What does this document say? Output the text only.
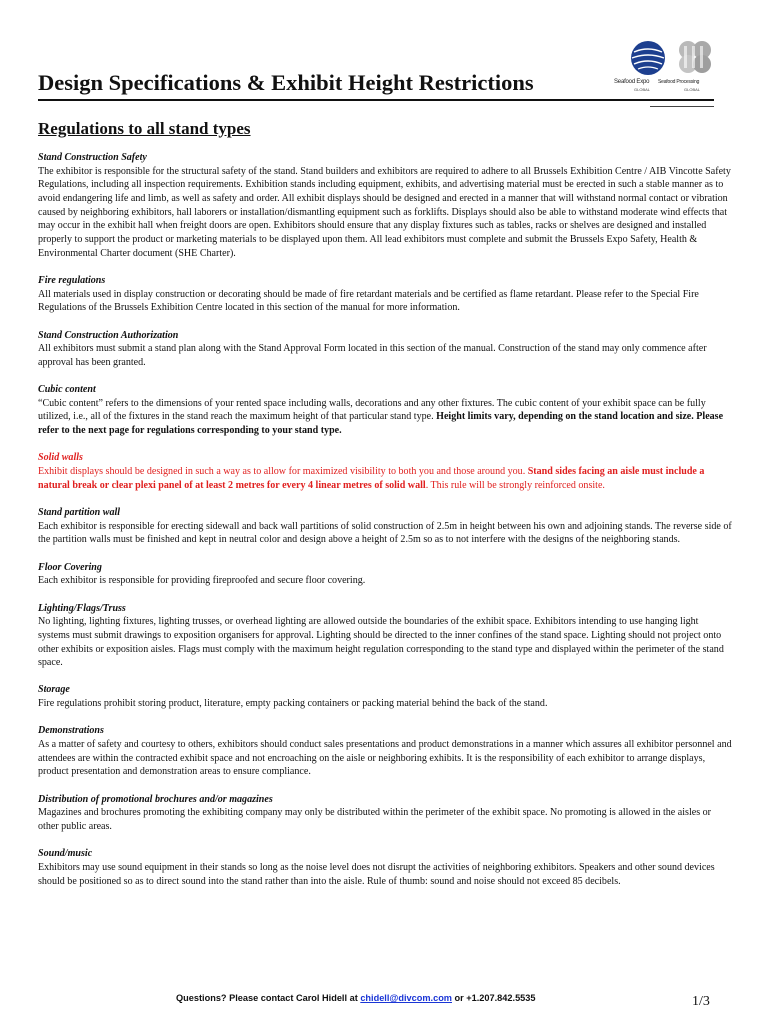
Seafood Expo
GLOBAL
Seafood Processing
GLOBAL
Design Specifications & Exhibit Height Restrictions
Regulations to all stand types
Stand Construction Safety
The exhibitor is responsible for the structural safety of the stand. Stand builders and exhibitors are required to adhere to all Brussels Exhibition Centre / AIB Vincotte Safety Regulations, including all inspection requirements. Exhibition stands including equipment, exhibits, and advertising material must be erected in such a stable manner as to avoid endangering life and limb, as well as safety and order. All exhibit displays should be designed and erected in a manner that will withstand normal contact or vibration caused by neighboring exhibitors, hall laborers or installation/dismantling equipment such as forklifts. Displays should also be able to withstand moderate wind effects that may occur in the exhibit hall when freight doors are open. Exhibitors should ensure that any display fixtures such as tables, racks or shelves are designed and installed properly to support the product or marketing materials to be displayed upon them. All lead exhibitors must complete and submit the Brussels Expo Safety, Health & Environmental Charter document (SHE Charter).
Fire regulations
All materials used in display construction or decorating should be made of fire retardant materials and be certified as flame retardant. Please refer to the Special Fire Regulations of the Brussels Exhibition Centre located in this section of the manual for more information.
Stand Construction Authorization
All exhibitors must submit a stand plan along with the Stand Approval Form located in this section of the manual. Construction of the stand may only commence after approval has been granted.
Cubic content
“Cubic content” refers to the dimensions of your rented space including walls, decorations and any other fixtures. The cubic content of your exhibit space can be fully utilized, i.e., all of the fixtures in the stand reach the maximum height of that particular stand type. Height limits vary, depending on the stand location and size. Please refer to the next page for regulations corresponding to your stand type.
Solid walls
Exhibit displays should be designed in such a way as to allow for maximized visibility to both you and those around you. Stand sides facing an aisle must include a natural break or clear plexi panel of at least 2 metres for every 4 linear metres of solid wall. This rule will be strongly reinforced onsite.
Stand partition wall
Each exhibitor is responsible for erecting sidewall and back wall partitions of solid construction of 2.5m in height between his own and adjoining stands. The reverse side of the partition walls must be finished and kept in neutral color and design above a height of 2.5m so as to not interfere with the designs of the neighboring stands.
Floor Covering
Each exhibitor is responsible for providing fireproofed and secure floor covering.
Lighting/Flags/Truss
No lighting, lighting fixtures, lighting trusses, or overhead lighting are allowed outside the boundaries of the exhibit space. Exhibitors intending to use hanging light systems must submit drawings to exposition organisers for approval. Lighting should be directed to the inner confines of the stand space. Lighting should not project onto other exhibits or exposition aisles. Flags must comply with the maximum height regulation corresponding to the stand type and displayed within the perimeter of the stand space.
Storage
Fire regulations prohibit storing product, literature, empty packing containers or packing material behind the back of the stand.
Demonstrations
As a matter of safety and courtesy to others, exhibitors should conduct sales presentations and product demonstrations in a manner which assures all exhibitor personnel and attendees are within the contracted exhibit space and not encroaching on the aisle or neighboring exhibits. It is the responsibility of each exhibitor to arrange displays, product presentation and demonstration areas to ensure compliance.
Distribution of promotional brochures and/or magazines
Magazines and brochures promoting the exhibiting company may only be distributed within the perimeter of the exhibit space. No promoting is allowed in the aisles or other public areas.
Sound/music
Exhibitors may use sound equipment in their stands so long as the noise level does not disrupt the activities of neighboring exhibitors. Speakers and other sound devices should be positioned so as to direct sound into the stand rather than into the aisle. Rule of thumb: sound and noise should not exceed 85 decibels.
Questions? Please contact Carol Hidell at chidell@divcom.com or +1.207.842.5535	1/3
